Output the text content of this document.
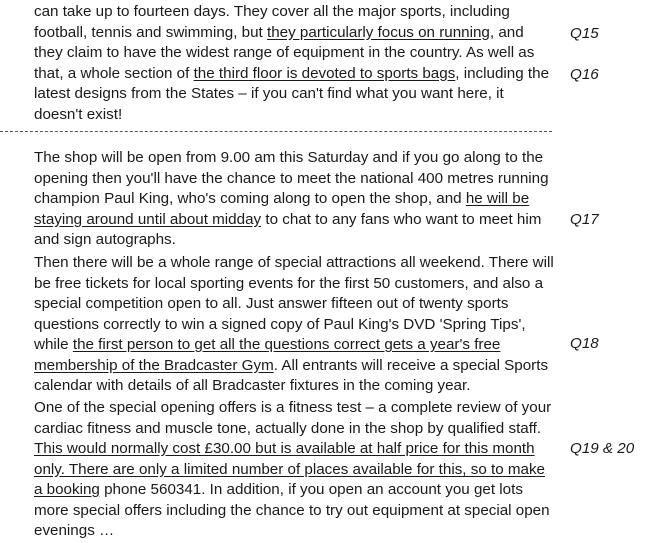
can take up to fourteen days. They cover all the major sports, including football, tennis and swimming, but they particularly focus on running, and they claim to have the widest range of equipment in the country. As well as that, a whole section of the third floor is devoted to sports bags, including the latest designs from the States – if you can't find what you want here, it doesn't exist!

Q15
Q16

The shop will be open from 9.00 am this Saturday and if you go along to the opening then you'll have the chance to meet the national 400 metres running champion Paul King, who's coming along to open the shop, and he will be staying around until about midday to chat to any fans who want to meet him and sign autographs.

Q17

Then there will be a whole range of special attractions all weekend. There will be free tickets for local sporting events for the first 50 customers, and also a special competition open to all. Just answer fifteen out of twenty sports questions correctly to win a signed copy of Paul King's DVD 'Spring Tips', while the first person to get all the questions correct gets a year's free membership of the Bradcaster Gym. All entrants will receive a special Sports calendar with details of all Bradcaster fixtures in the coming year.

Q18

One of the special opening offers is a fitness test – a complete review of your cardiac fitness and muscle tone, actually done in the shop by qualified staff. This would normally cost £30.00 but is available at half price for this month only. There are only a limited number of places available for this, so to make a booking phone 560341. In addition, if you open an account you get lots more special offers including the chance to try out equipment at special open evenings …

Q19 & 20
